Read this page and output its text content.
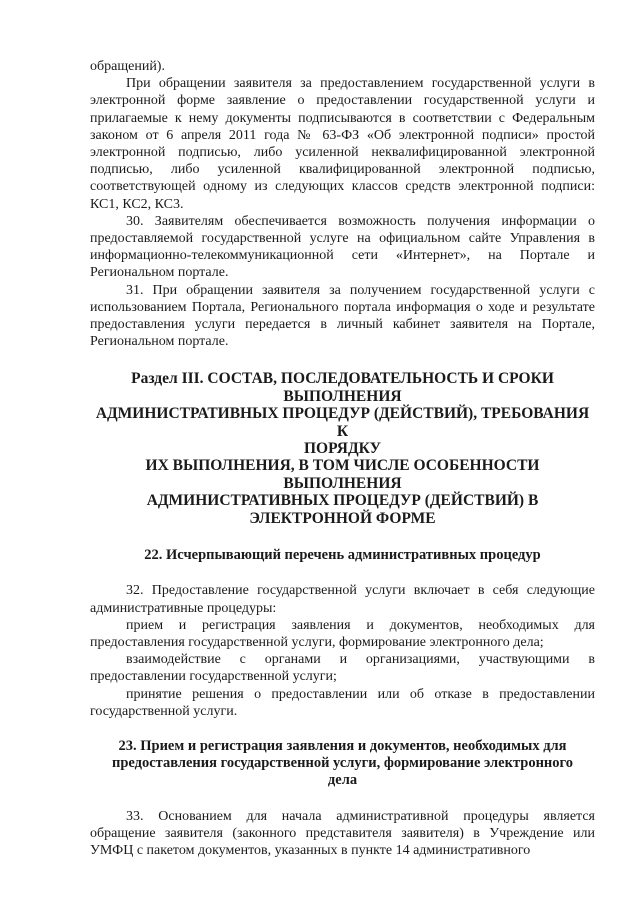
обращений).

При обращении заявителя за предоставлением государственной услуги в электронной форме заявление о предоставлении государственной услуги и прилагаемые к нему документы подписываются в соответствии с Федеральным законом от 6 апреля 2011 года № 63-ФЗ «Об электронной подписи» простой электронной подписью, либо усиленной неквалифицированной электронной подписью, либо усиленной квалифицированной электронной подписью, соответствующей одному из следующих классов средств электронной подписи: КС1, КС2, КС3.

30. Заявителям обеспечивается возможность получения информации о предоставляемой государственной услуге на официальном сайте Управления в информационно-телекоммуникационной сети «Интернет», на Портале и Региональном портале.

31. При обращении заявителя за получением государственной услуги с использованием Портала, Регионального портала информация о ходе и результате предоставления услуги передается в личный кабинет заявителя на Портале, Региональном портале.

Раздел III. СОСТАВ, ПОСЛЕДОВАТЕЛЬНОСТЬ И СРОКИ
ВЫПОЛНЕНИЯ
АДМИНИСТРАТИВНЫХ ПРОЦЕДУР (ДЕЙСТВИЙ), ТРЕБОВАНИЯ К
ПОРЯДКУ
ИХ ВЫПОЛНЕНИЯ, В ТОМ ЧИСЛЕ ОСОБЕННОСТИ ВЫПОЛНЕНИЯ
АДМИНИСТРАТИВНЫХ ПРОЦЕДУР (ДЕЙСТВИЙ) В
ЭЛЕКТРОННОЙ ФОРМЕ
22. Исчерпывающий перечень административных процедур

32. Предоставление государственной услуги включает в себя следующие административные процедуры:

прием и регистрация заявления и документов, необходимых для предоставления государственной услуги, формирование электронного дела;

взаимодействие с органами и организациями, участвующими в предоставлении государственной услуги;

принятие решения о предоставлении или об отказе в предоставлении государственной услуги.

23. Прием и регистрация заявления и документов, необходимых для
предоставления государственной услуги, формирование электронного
дела

33. Основанием для начала административной процедуры является обращение заявителя (законного представителя заявителя) в Учреждение или УМФЦ с пакетом документов, указанных в пункте 14 административного
